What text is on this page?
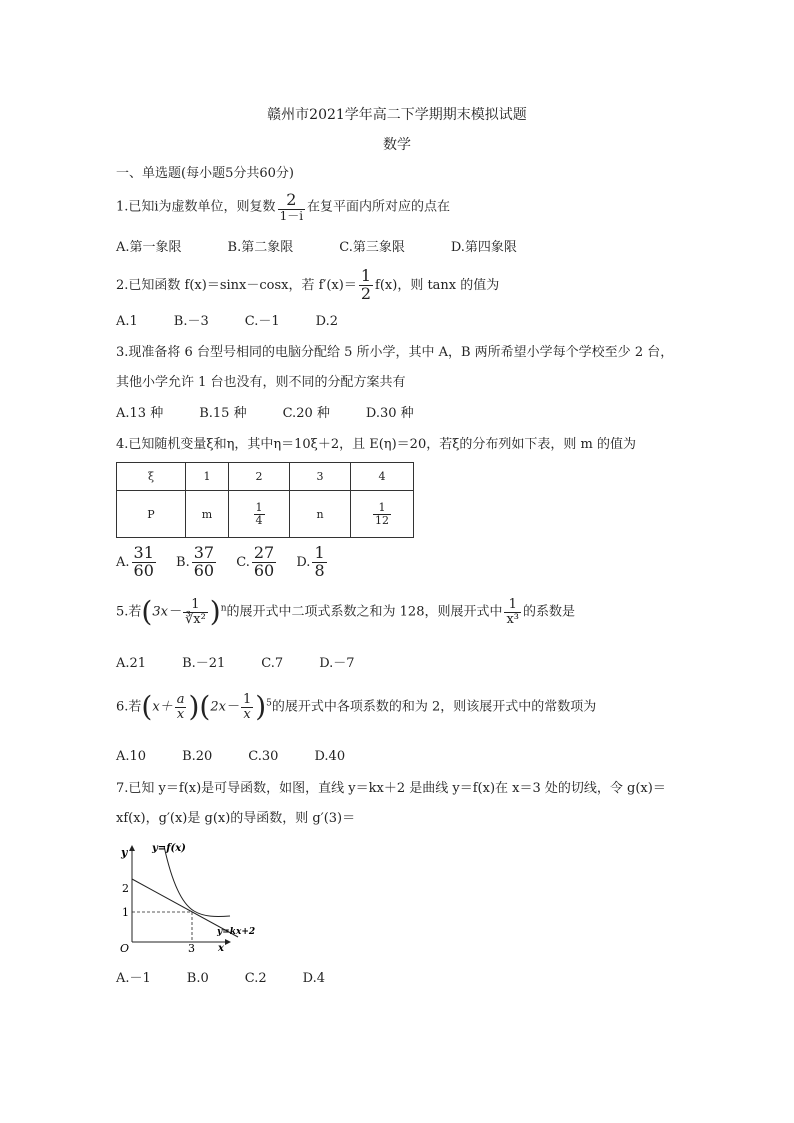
赣州市2021学年高二下学期期末模拟试题
数学
一、单选题(每小题5分共60分)
1.已知i为虚数单位，则复数 $\frac{2}{1-i}$ 在复平面内所对应的点在
A.第一象限	B.第二象限	C.第三象限	D.第四象限
2.已知函数 f(x)＝sinx－cosx，若 $f'(x)= \frac{1}{2} f(x)$，则 tanx 的值为
A.1	B.－3	C.－1	D.2
3.现准备将 6 台型号相同的电脑分配给 5 所小学，其中 A，B 两所希望小学每个学校至少 2 台，
其他小学允许 1 台也没有，则不同的分配方案共有
A.13 种	B.15 种	C.20 种	D.30 种
4.已知随机变量ξ和η，其中η＝10ξ＋2，且 E(η)＝20，若ξ的分布列如下表，则 m 的值为
ξ	1	2	3	4
P	m	$\frac{1}{4}$	n	$\frac{1}{12}$
A. $\frac{31}{60} B$. $\frac{37}{60} C$. $\frac{27}{60} D$. $\frac{1}{8}$
5.若$(3x- \frac{1}{\text{∛x²}} )^n$的展开式中二项式系数之和为 128，则展开式中 $\frac{1}{\text{x³}}$ 的系数是
A.21	B.－21	C.7	D.－7
6.若$(x+ \frac{a}{x} )(2x- \frac{1}{x} )^5$的展开式中各项系数的和为 2，则该展开式中的常数项为
A.10	B.20	C.30	D.40
7.已知 y＝f(x)是可导函数，如图，直线 y＝kx＋2 是曲线 y＝f(x)在 x＝3 处的切线，令 g(x)＝
xf(x)，g′(x)是 g(x)的导函数，则 g′(3)＝
y y=f(x)
2
1
O	3
y=kx+2
x
A.－1	B.0	C.2	D.4
